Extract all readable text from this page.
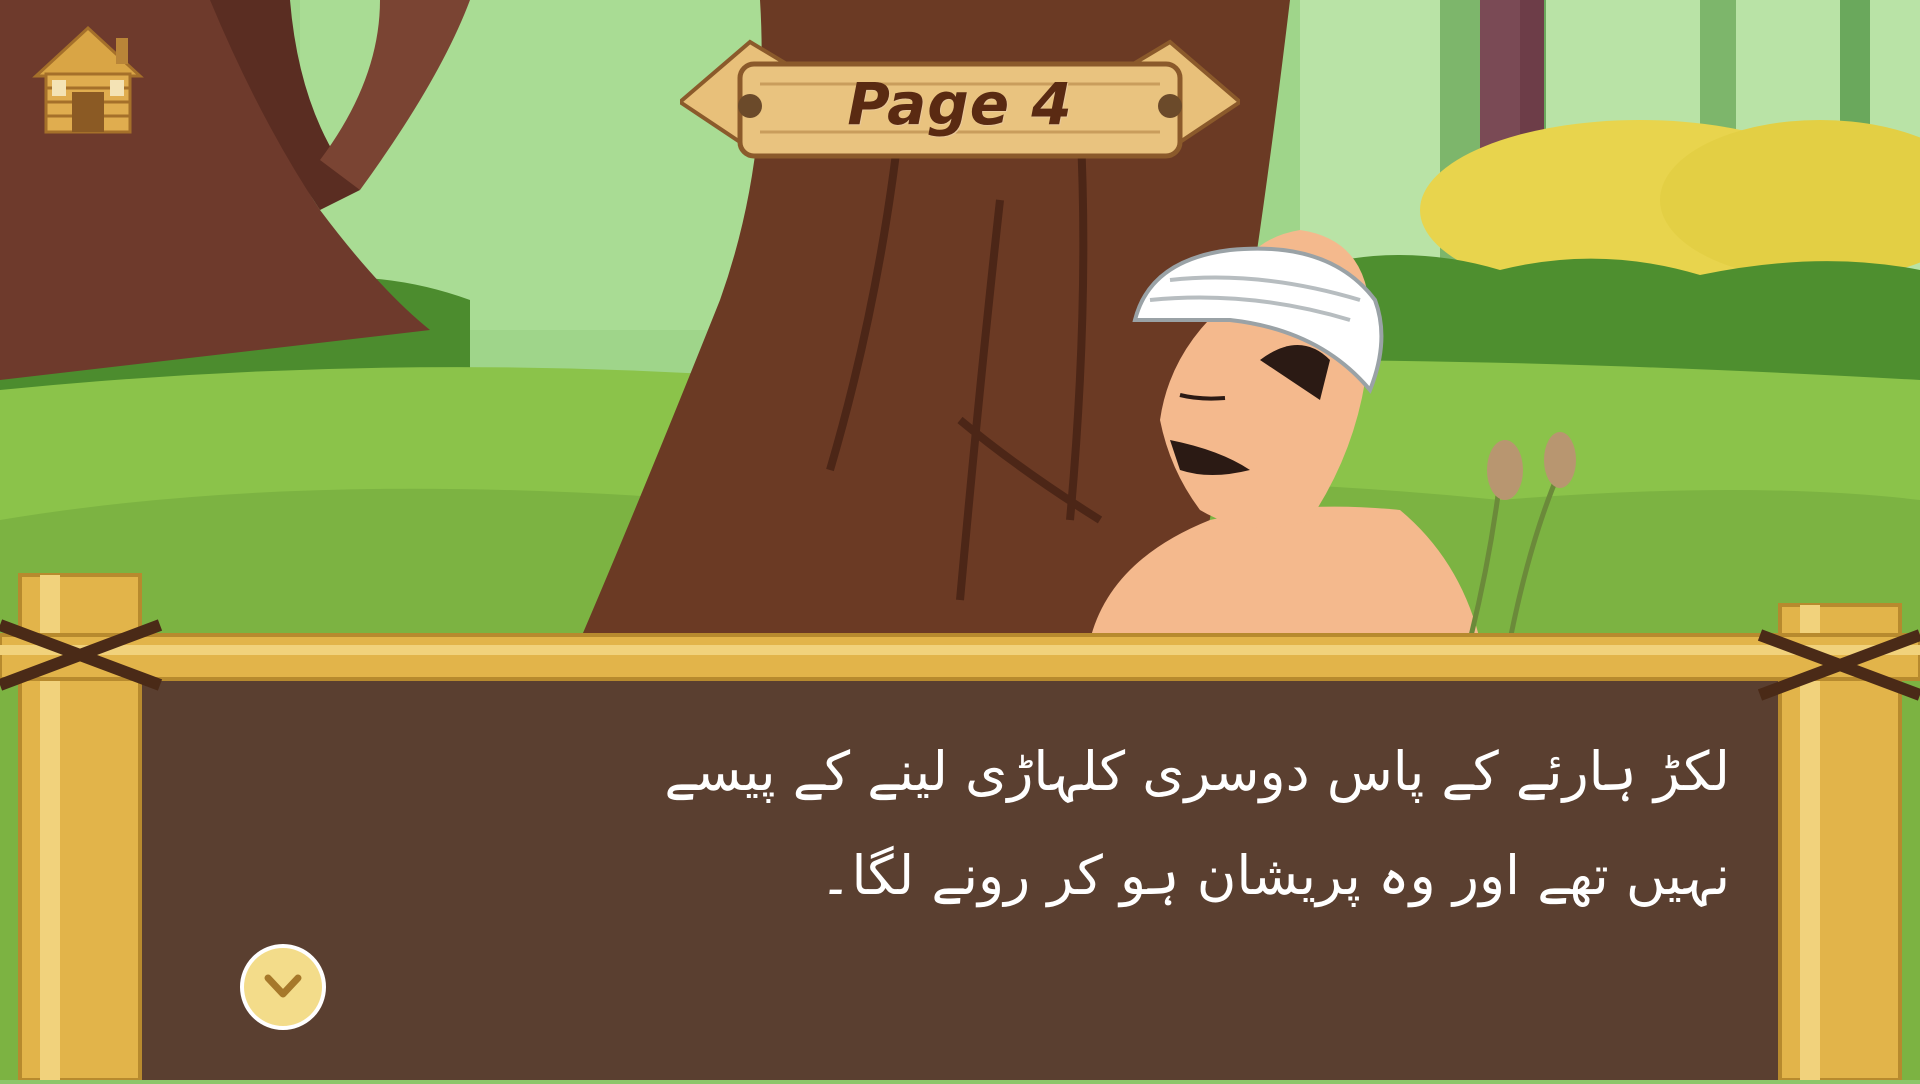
Page 4
لکڑ ہارئے کے پاس دوسری کلہاڑی لینے کے پیسے
نہیں تھے اور وہ پریشان ہو کر رونے لگا۔
